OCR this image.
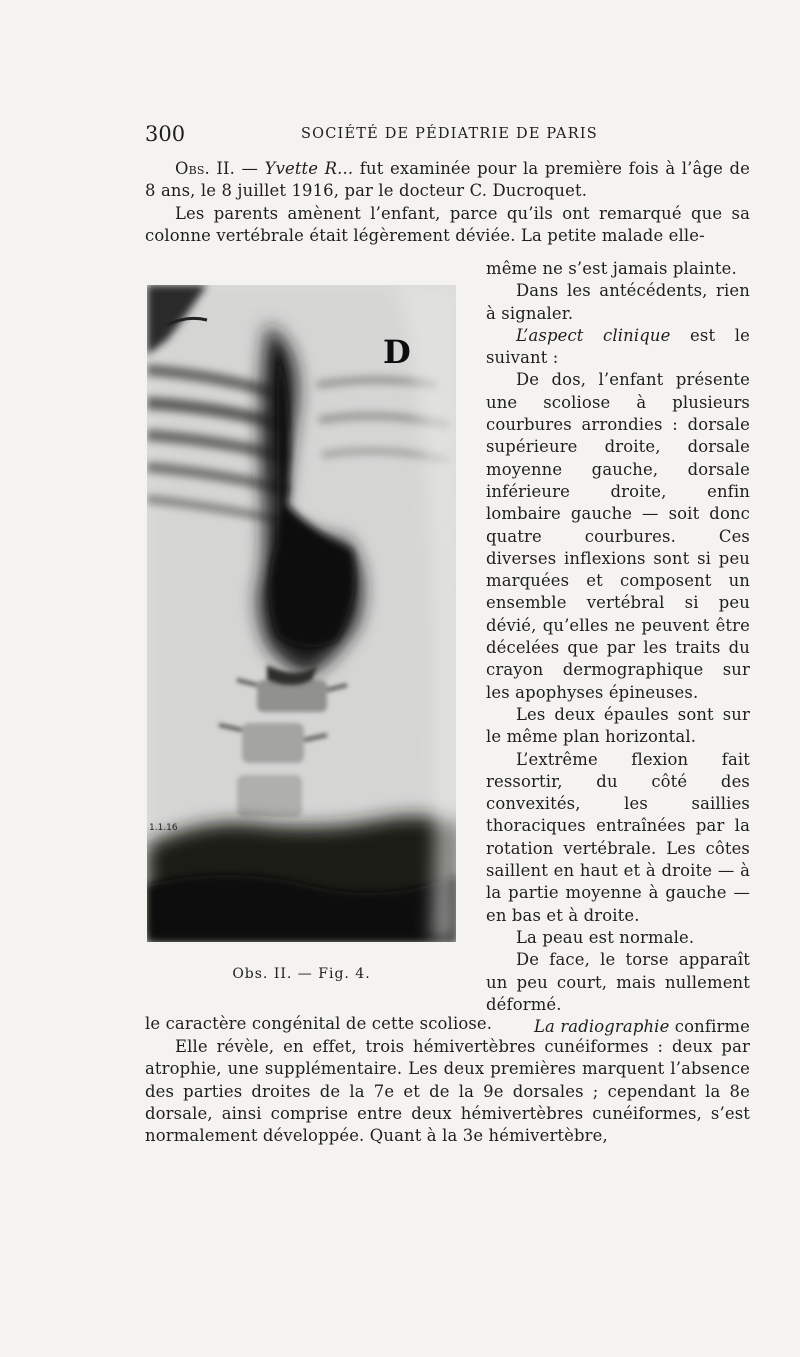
300	SOCIÉTÉ DE PÉDIATRIE DE PARIS

Obs. II. — Yvette R... fut examinée pour la première fois à l’âge de 8 ans, le 8 juillet 1916, par le docteur C. Ducroquet.

Les parents amènent l’enfant, parce qu’ils ont remarqué que sa colonne vertébrale était légèrement déviée. La petite malade elle-

D
1.1.16
Obs. II. — Fig. 4.

même ne s’est jamais plainte.

Dans les antécédents, rien à signaler.

L’aspect clinique est le suivant :

De dos, l’enfant présente une scoliose à plusieurs courbures arrondies : dorsale supérieure droite, dorsale moyenne gauche, dorsale inférieure droite, enfin lombaire gauche — soit donc quatre courbures. Ces diverses inflexions sont si peu marquées et composent un ensemble vertébral si peu dévié, qu’elles ne peuvent être décelées que par les traits du crayon dermographique sur les apophyses épineuses.

Les deux épaules sont sur le même plan horizontal.

L’extrême flexion fait ressortir, du côté des convexités, les saillies thoraciques entraînées par la rotation vertébrale. Les côtes saillent en haut et à droite — à la partie moyenne à gauche — en bas et à droite.

La peau est normale.

De face, le torse apparaît un peu court, mais nullement déformé.

La radiographie confirme

le caractère congénital de cette scoliose.

Elle révèle, en effet, trois hémivertèbres cunéiformes : deux par atrophie, une supplémentaire. Les deux premières marquent l’absence des parties droites de la 7e et de la 9e dorsales ; cependant la 8e dorsale, ainsi comprise entre deux hémivertèbres cunéiformes, s’est normalement développée. Quant à la 3e hémivertèbre,
